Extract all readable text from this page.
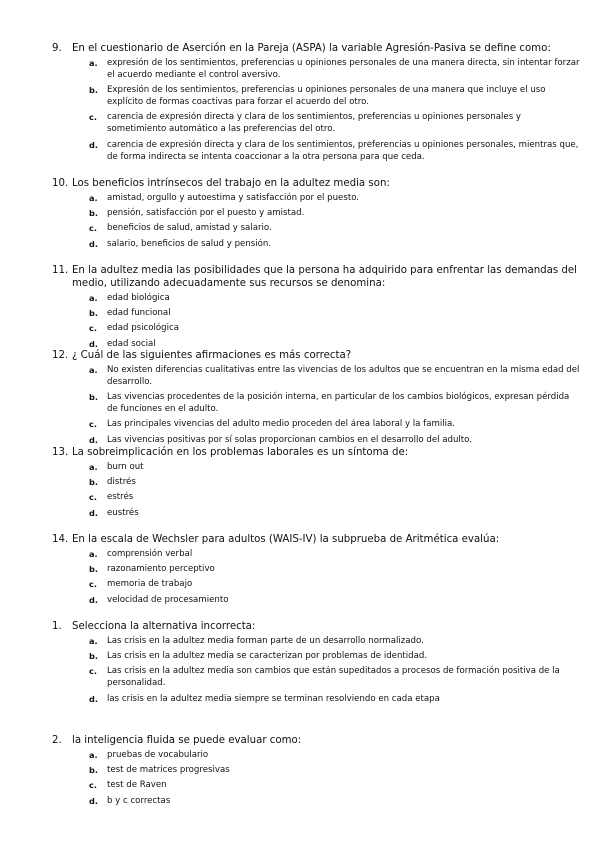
9.	En el cuestionario de Aserción en la Pareja (ASPA) la variable Agresión-Pasiva se define como:
a.	expresión de los sentimientos, preferencias u opiniones personales de una manera directa, sin intentar forzar el acuerdo mediante el control aversivo.
b.	Expresión de los sentimientos, preferencias u opiniones personales de una manera que incluye el uso explícito de formas coactivas para forzar el acuerdo del otro.
c.	carencia de expresión directa y clara de los sentimientos, preferencias u opiniones personales y sometimiento automático a las preferencias del otro.
d.	carencia de expresión directa y clara de los sentimientos, preferencias u opiniones personales, mientras que, de forma indirecta se intenta coaccionar a la otra persona para que ceda.
10. Los beneficios intrínsecos del trabajo en la adultez media son:
a.	amistad, orgullo y autoestima y satisfacción por el puesto.
b.	pensión, satisfacción por el puesto y amistad.
c.	beneficios de salud, amistad y salario.
d.	salario, beneficios de salud y pensión.
11. En la adultez media las posibilidades que la persona ha adquirido para enfrentar las demandas del medio, utilizando adecuadamente sus recursos se denomina:
a.	edad biológica
b.	edad funcional
c.	edad psicológica
d.	edad social
12. ¿ Cuál de las siguientes afirmaciones es más correcta?
a.	No existen diferencias cualitativas entre las vivencias de los adultos que se encuentran en la misma edad del desarrollo.
b.	Las vivencias procedentes de la posición interna, en particular de los cambios biológicos, expresan pérdida de funciones en el adulto.
c.	Las principales vivencias del adulto medio proceden del área laboral y la familia.
d.	Las vivencias positivas por sí solas proporcionan cambios en el desarrollo del adulto.
13. La sobreimplicación en los problemas laborales es un síntoma de:
a.	burn out
b.	distrés
c.	estrés
d.	eustrés
14. En la escala de Wechsler para adultos (WAIS-IV) la subprueba de Aritmética evalúa:
a.	comprensión verbal
b.	razonamiento perceptivo
c.	memoria de trabajo
d.	velocidad de procesamiento
1.	Selecciona la alternativa incorrecta:
a.	Las crisis en la adultez media forman parte de un desarrollo normalizado.
b.	Las crisis en la adultez media se caracterizan por problemas de identidad.
c.	Las crisis en la adultez media son cambios que están supeditados a procesos de formación positiva de la personalidad.
d.	las crisis en la adultez media siempre se terminan resolviendo en cada etapa
2.	la inteligencia fluida se puede evaluar como:
a.	pruebas de vocabulario
b.	test de matrices progresivas
c.	test de Raven
d.	b y c correctas
